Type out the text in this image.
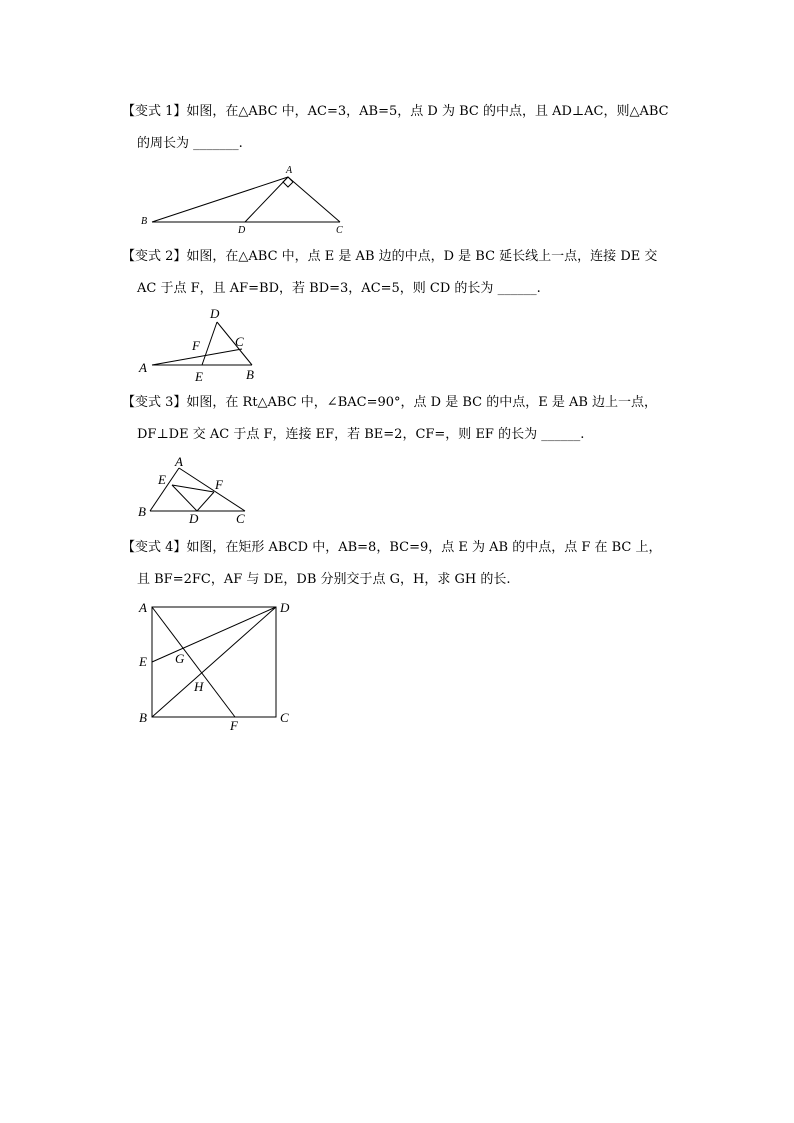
【变式 1】如图，在△ABC 中，AC=3，AB=5，点 D 为 BC 的中点，且 AD⊥AC，则△ABC
的周长为 _______.
A
B
C
D
【变式 2】如图，在△ABC 中，点 E 是 AB 边的中点，D 是 BC 延长线上一点，连接 DE 交
AC 于点 F，且 AF=BD，若 BD=3，AC=5，则 CD 的长为 ______.
A	B
C
D
E
F
【变式 3】如图，在 Rt△ABC 中，∠BAC=90°，点 D 是 BC 的中点，E 是 AB 边上一点，
DF⊥DE 交 AC 于点 F，连接 EF，若 BE=2，CF=，则 EF 的长为 ______.
A
B	C
D
E	F
【变式 4】如图，在矩形 ABCD 中，AB=8，BC=9，点 E 为 AB 的中点，点 F 在 BC 上，
且 BF=2FC，AF 与 DE，DB 分别交于点 G，H，求 GH 的长.
A
B	C
D
E
F
G
H
